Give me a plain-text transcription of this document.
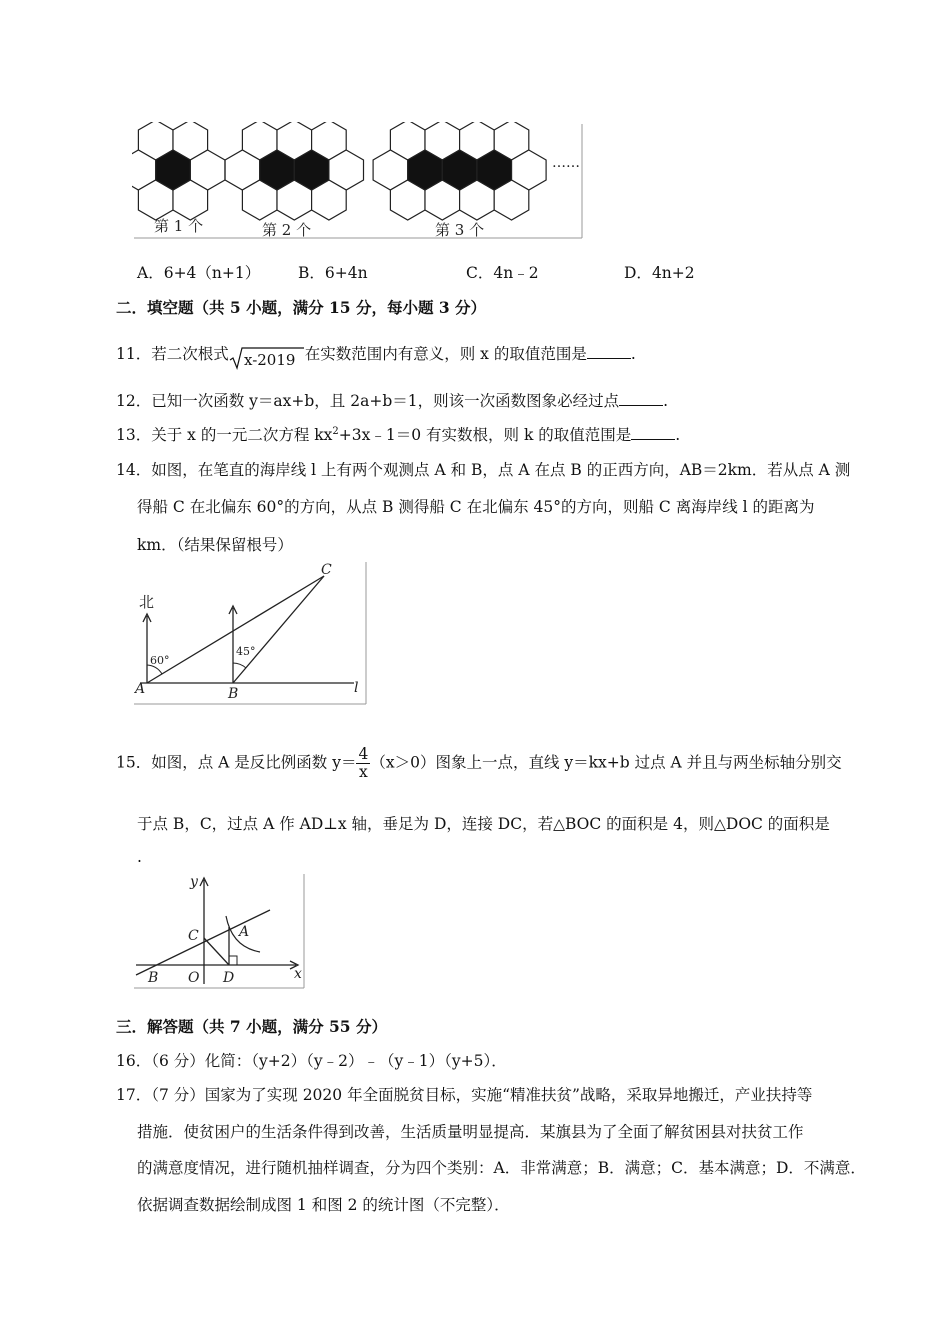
……
第 1 个	第 2 个	第 3 个
A．6+4（n+1） B．6+4n	C．4n﹣2	D．4n+2
二．填空题（共 5 小题，满分 15 分，每小题 3 分）
11．若二次根式 x-2019 在实数范围内有意义，则 x 的取值范围是	.
12．已知一次函数 y＝ax+b，且 2a+b＝1，则该一次函数图象必经过点	.
13．关于 x 的一元二次方程 $kx^2+3x﹣1=0$ 有实数根，则 k 的取值范围是	.
14．如图，在笔直的海岸线 l 上有两个观测点 A 和 B，点 A 在点 B 的正西方向，AB＝2km．若从点 A 测
得船 C 在北偏东 60°的方向，从点 B 测得船 C 在北偏东 45°的方向，则船 C 离海岸线 l 的距离为
km．（结果保留根号）
北
60°
45°
A	B
C
l
15．如图，点 A 是反比例函数 $y= \frac{4}{x} (x>0)$图象上一点，直线 y＝kx+b 过点 A 并且与两坐标轴分别交
于点 B，C，过点 A 作 AD⊥x 轴，垂足为 D，连接 DC，若△BOC 的面积是 4，则△DOC 的面积是
.
y
x
C	A
B O D
三．解答题（共 7 小题，满分 55 分）
16．（6 分）化简：（y+2）（y﹣2）﹣（y﹣1）（y+5）．
17．（7 分）国家为了实现 2020 年全面脱贫目标，实施“精准扶贫”战略，采取异地搬迁，产业扶持等
措施．使贫困户的生活条件得到改善，生活质量明显提高．某旗县为了全面了解贫困县对扶贫工作
的满意度情况，进行随机抽样调查，分为四个类别：A．非常满意；B．满意；C．基本满意；D．不满意．
依据调查数据绘制成图 1 和图 2 的统计图（不完整）．
